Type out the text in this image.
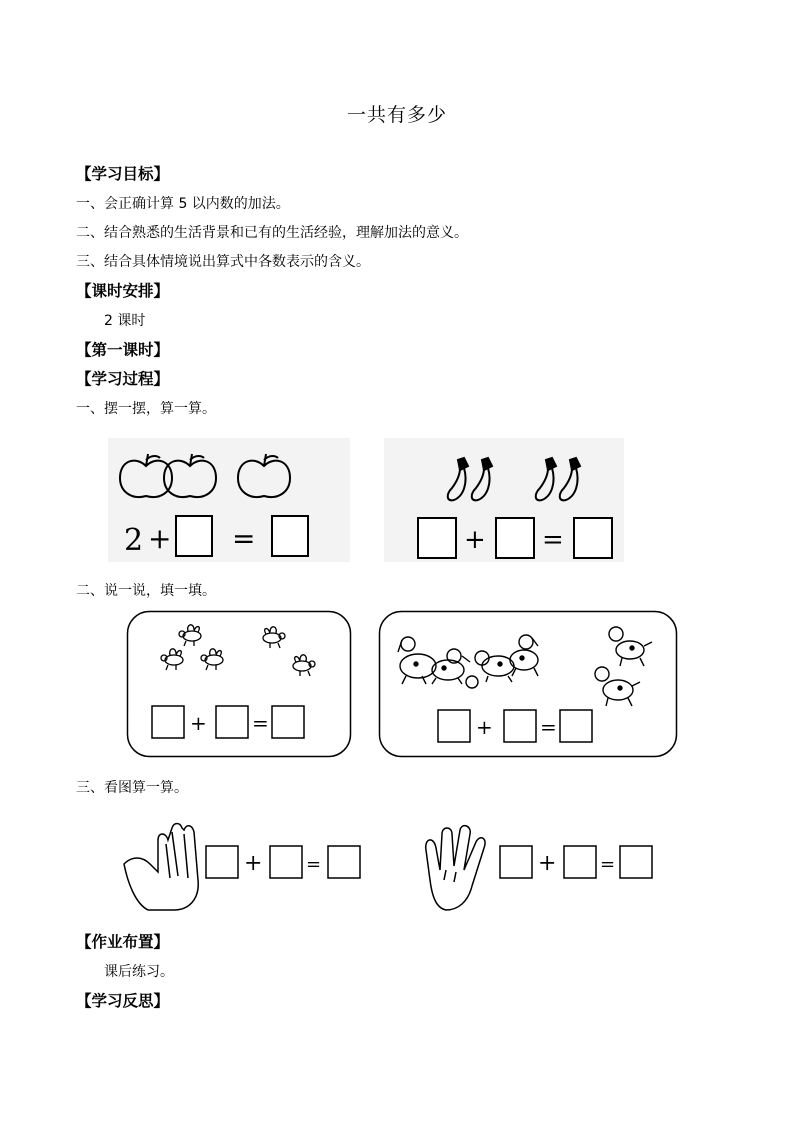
一共有多少
【学习目标】
一、会正确计算 5 以内数的加法。
二、结合熟悉的生活背景和已有的生活经验，理解加法的意义。
三、结合具体情境说出算式中各数表示的含义。
【课时安排】
2 课时
【第一课时】
【学习过程】
一、摆一摆，算一算。
2 + =	+ =
二、说一说，填一填。
+ =	+ =
三、看图算一算。
+ =	+ =
【作业布置】
课后练习。
【学习反思】
